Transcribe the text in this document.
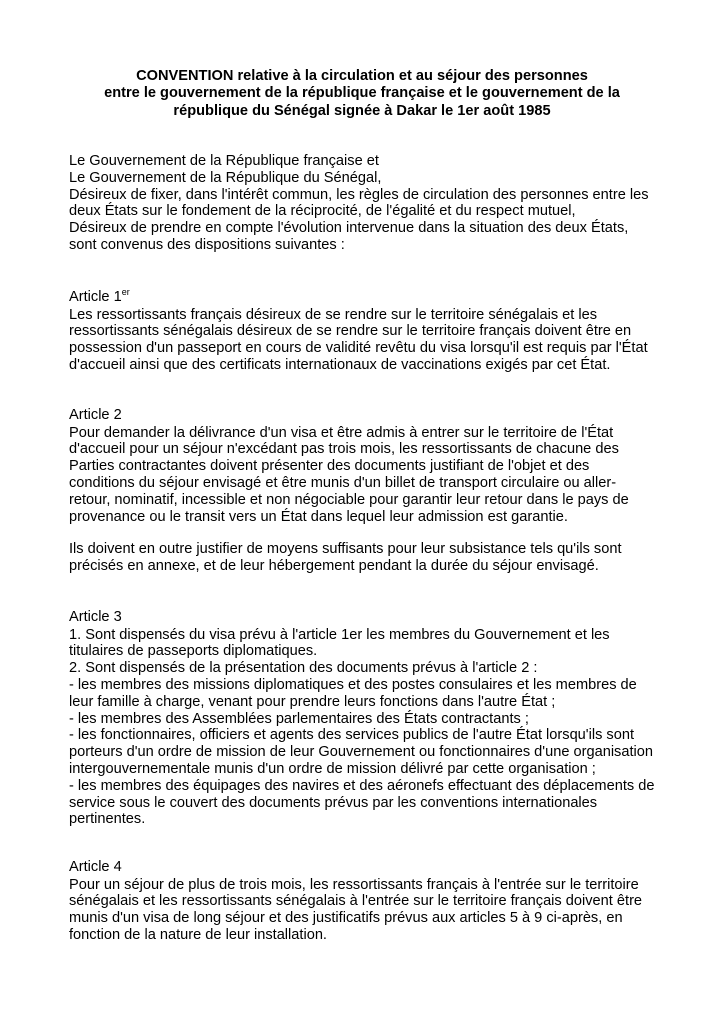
CONVENTION relative à la circulation et au séjour des personnes
entre le gouvernement de la république française et le gouvernement de la
république du Sénégal signée à Dakar le 1er août 1985
Le Gouvernement de la République française et
Le Gouvernement de la République du Sénégal,
Désireux de fixer, dans l'intérêt commun, les règles de circulation des personnes entre les
deux États sur le fondement de la réciprocité, de l'égalité et du respect mutuel,
Désireux de prendre en compte l'évolution intervenue dans la situation des deux États,
sont convenus des dispositions suivantes :
Article 1er
Les ressortissants français désireux de se rendre sur le territoire sénégalais et les
ressortissants sénégalais désireux de se rendre sur le territoire français doivent être en
possession d'un passeport en cours de validité revêtu du visa lorsqu'il est requis par l'État
d'accueil ainsi que des certificats internationaux de vaccinations exigés par cet État.
Article 2
Pour demander la délivrance d'un visa et être admis à entrer sur le territoire de l'État
d'accueil pour un séjour n'excédant pas trois mois, les ressortissants de chacune des
Parties contractantes doivent présenter des documents justifiant de l'objet et des
conditions du séjour envisagé et être munis d'un billet de transport circulaire ou aller-
retour, nominatif, incessible et non négociable pour garantir leur retour dans le pays de
provenance ou le transit vers un État dans lequel leur admission est garantie.
Ils doivent en outre justifier de moyens suffisants pour leur subsistance tels qu'ils sont
précisés en annexe, et de leur hébergement pendant la durée du séjour envisagé.
Article 3
1. Sont dispensés du visa prévu à l'article 1er les membres du Gouvernement et les
titulaires de passeports diplomatiques.
2. Sont dispensés de la présentation des documents prévus à l'article 2 :
- les membres des missions diplomatiques et des postes consulaires et les membres de
leur famille à charge, venant pour prendre leurs fonctions dans l'autre État ;
- les membres des Assemblées parlementaires des États contractants ;
- les fonctionnaires, officiers et agents des services publics de l'autre État lorsqu'ils sont
porteurs d'un ordre de mission de leur Gouvernement ou fonctionnaires d'une organisation
intergouvernementale munis d'un ordre de mission délivré par cette organisation ;
- les membres des équipages des navires et des aéronefs effectuant des déplacements de
service sous le couvert des documents prévus par les conventions internationales
pertinentes.
Article 4
Pour un séjour de plus de trois mois, les ressortissants français à l'entrée sur le territoire
sénégalais et les ressortissants sénégalais à l'entrée sur le territoire français doivent être
munis d'un visa de long séjour et des justificatifs prévus aux articles 5 à 9 ci-après, en
fonction de la nature de leur installation.
